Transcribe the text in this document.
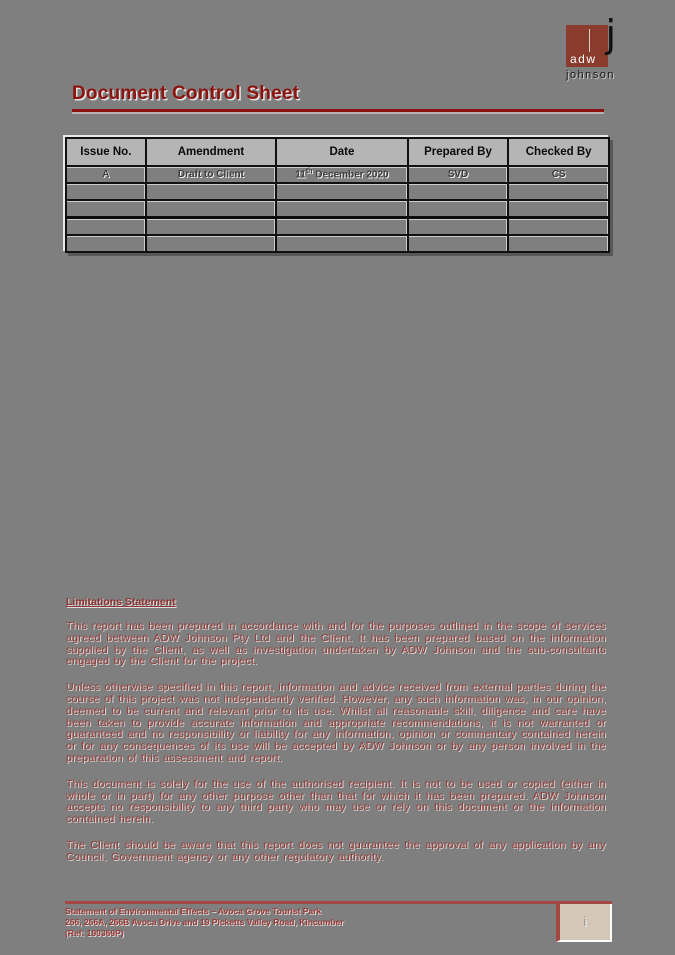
j
adw
johnson
Document Control Sheet
Issue No.	Amendment	Date	Prepared By	Checked By
A	Draft to Client	11th December 2020	SVD	CS

Limitations Statement

This report has been prepared in accordance with and for the purposes outlined in the scope of services agreed between ADW Johnson Pty Ltd and the Client. It has been prepared based on the information supplied by the Client, as well as investigation undertaken by ADW Johnson and the sub-consultants engaged by the Client for the project.

Unless otherwise specified in this report, information and advice received from external parties during the course of this project was not independently verified. However, any such information was, in our opinion, deemed to be current and relevant prior to its use. Whilst all reasonable skill, diligence and care have been taken to provide accurate information and appropriate recommendations, it is not warranted or guaranteed and no responsibility or liability for any information, opinion or commentary contained herein or for any consequences of its use will be accepted by ADW Johnson or by any person involved in the preparation of this assessment and report.

This document is solely for the use of the authorised recipient. It is not to be used or copied (either in whole or in part) for any other purpose other than that for which it has been prepared. ADW Johnson accepts no responsibility to any third party who may use or rely on this document or the information contained herein.

The Client should be aware that this report does not guarantee the approval of any application by any Council, Government agency or any other regulatory authority.

Statement of Environmental Effects – Avoca Grove Tourist Park
266, 266A, 266B Avoca Drive and 19 Picketts Valley Road, Kincumber
(Ref: 190369P)
i
